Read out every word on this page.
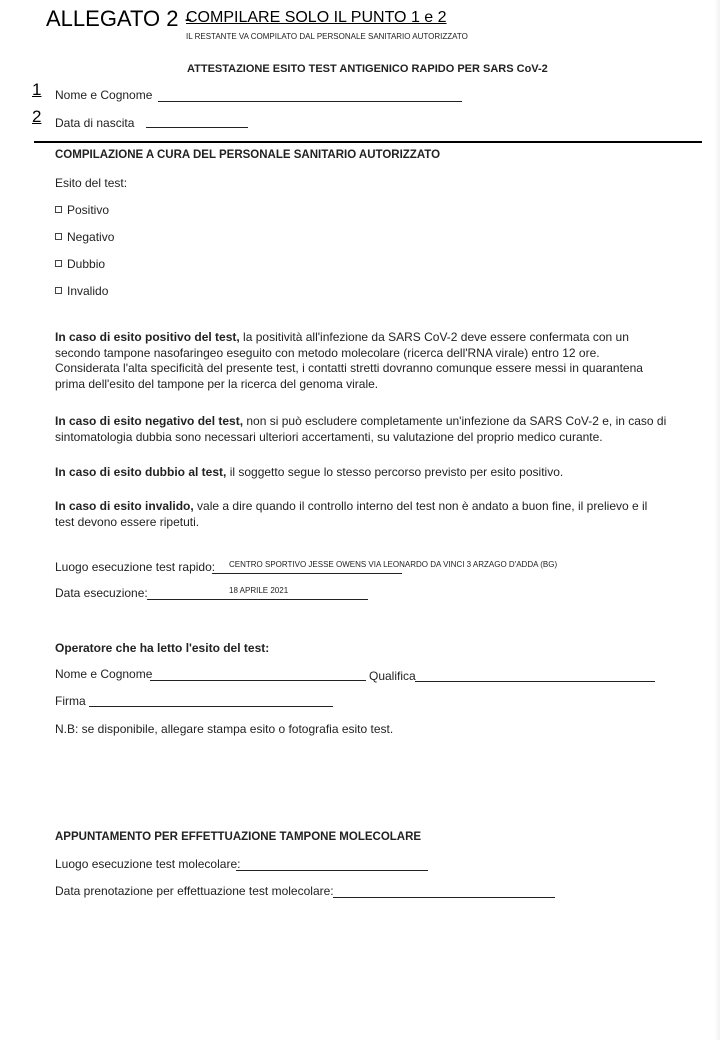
ALLEGATO 2 -
COMPILARE SOLO IL PUNTO 1 e 2
IL RESTANTE VA COMPILATO DAL PERSONALE SANITARIO AUTORIZZATO
ATTESTAZIONE ESITO TEST ANTIGENICO RAPIDO PER SARS CoV-2
1 Nome e Cognome
2 Data di nascita
COMPILAZIONE A CURA DEL PERSONALE SANITARIO AUTORIZZATO
Esito del test:
Positivo
Negativo
Dubbio
Invalido
In caso di esito positivo del test, la positività all'infezione da SARS CoV-2 deve essere confermata con un secondo tampone nasofaringeo eseguito con metodo molecolare (ricerca dell'RNA virale) entro 12 ore.
Considerata l'alta specificità del presente test, i contatti stretti dovranno comunque essere messi in quarantena prima dell'esito del tampone per la ricerca del genoma virale.
In caso di esito negativo del test, non si può escludere completamente un'infezione da SARS CoV-2 e, in caso di sintomatologia dubbia sono necessari ulteriori accertamenti, su valutazione del proprio medico curante.
In caso di esito dubbio al test, il soggetto segue lo stesso percorso previsto per esito positivo.
In caso di esito invalido, vale a dire quando il controllo interno del test non è andato a buon fine, il prelievo e il test devono essere ripetuti.
Luogo esecuzione test rapido: CENTRO SPORTIVO JESSE OWENS VIA LEONARDO DA VINCI 3 ARZAGO D'ADDA (BG)
Data esecuzione:	18 APRILE 2021
Operatore che ha letto l'esito del test:
Nome e Cognome	Qualifica
Firma
N.B: se disponibile, allegare stampa esito o fotografia esito test.
APPUNTAMENTO PER EFFETTUAZIONE TAMPONE MOLECOLARE
Luogo esecuzione test molecolare:
Data prenotazione per effettuazione test molecolare:
